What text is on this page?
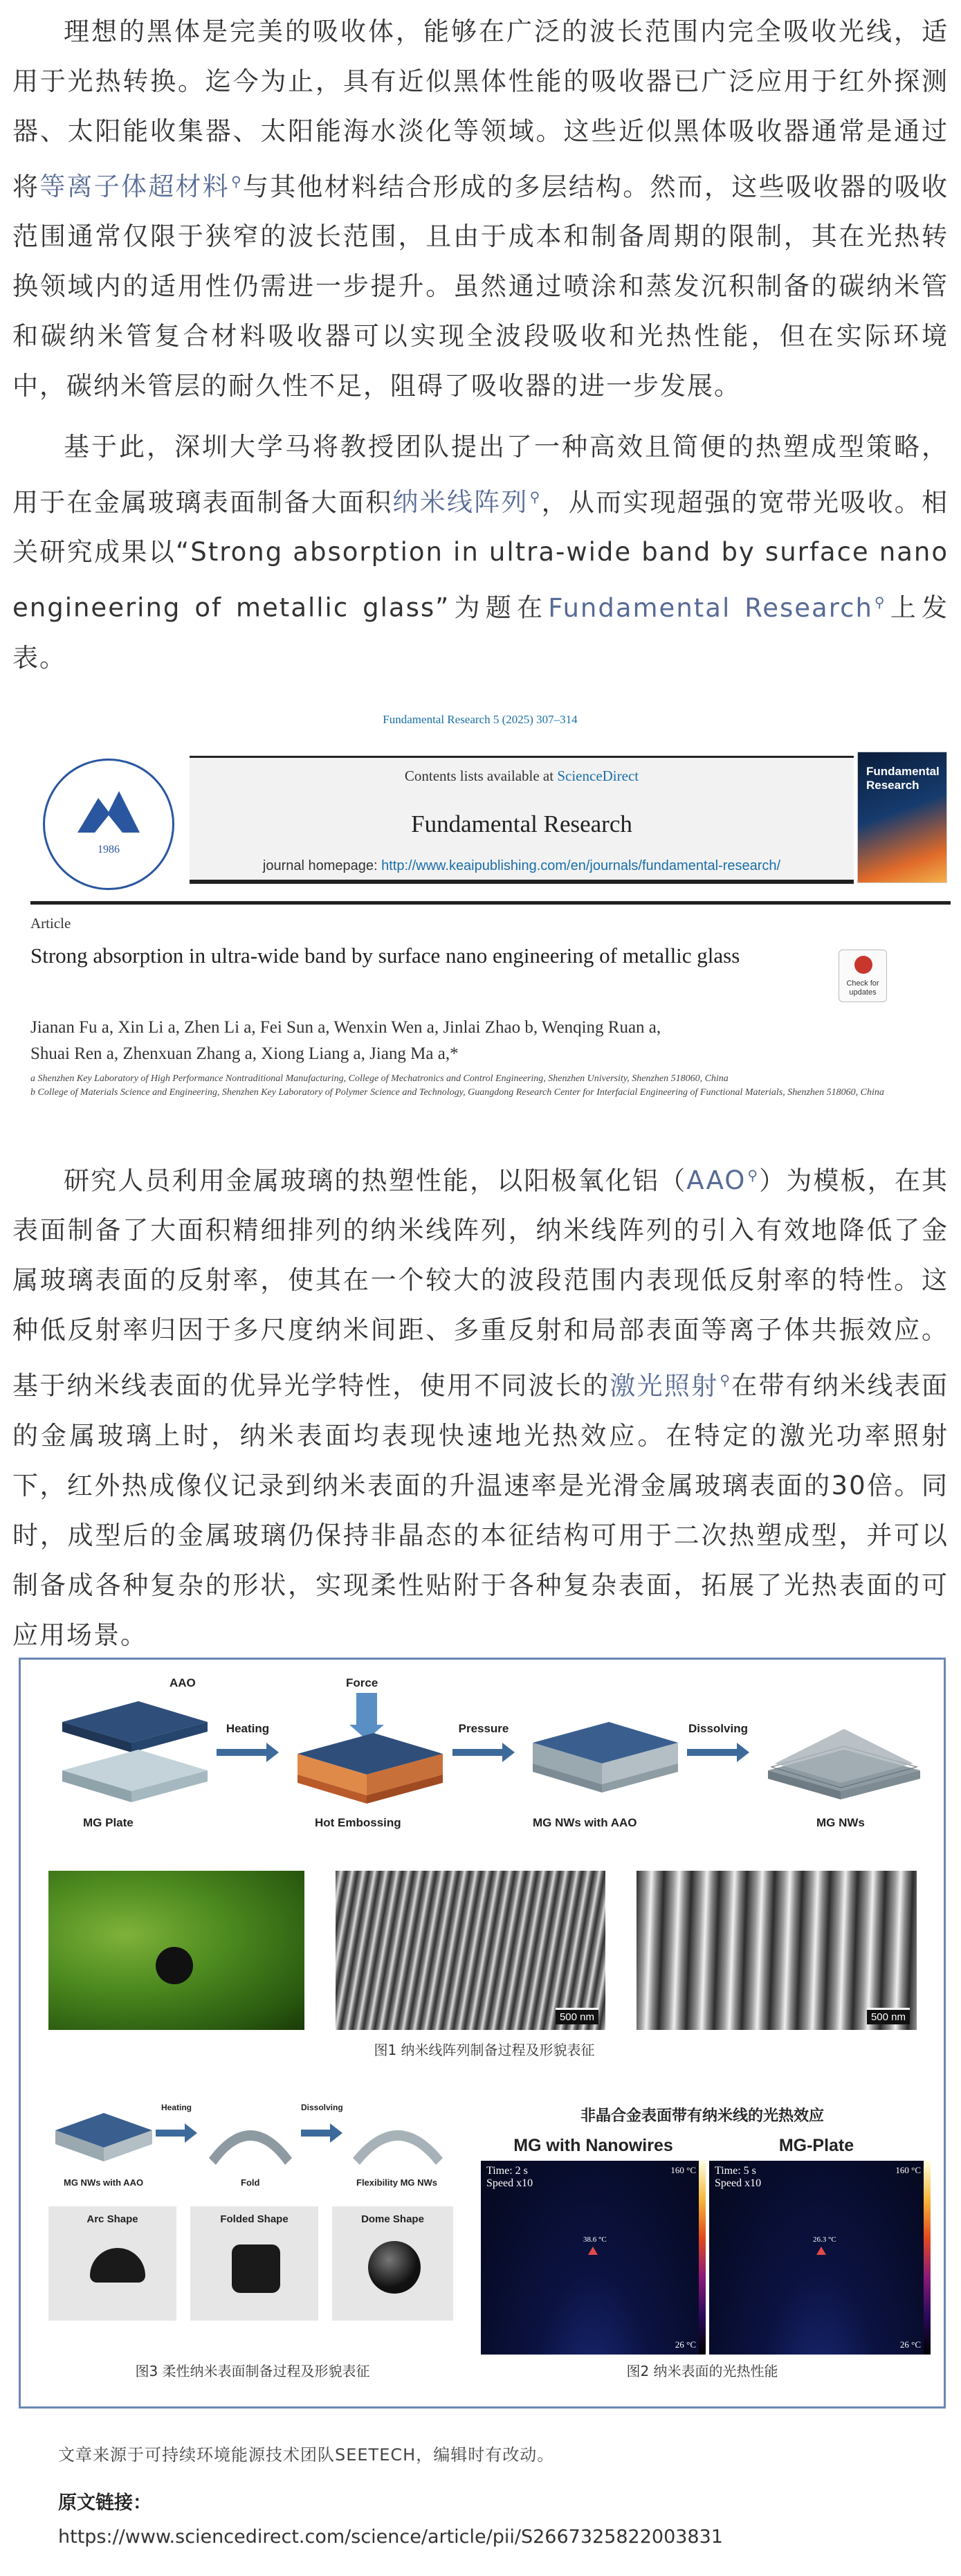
理想的黑体是完美的吸收体，能够在广泛的波长范围内完全吸收光线，适用于光热转换。迄今为止，具有近似黑体性能的吸收器已广泛应用于红外探测器、太阳能收集器、太阳能海水淡化等领域。这些近似黑体吸收器通常是通过将等离子体超材料 ⚲与其他材料结合形成的多层结构。然而，这些吸收器的吸收范围通常仅限于狭窄的波长范围，且由于成本和制备周期的限制，其在光热转换领域内的适用性仍需进一步提升。虽然通过喷涂和蒸发沉积制备的碳纳米管和碳纳米管复合材料吸收器可以实现全波段吸收和光热性能，但在实际环境中，碳纳米管层的耐久性不足，阻碍了吸收器的进一步发展。

基于此，深圳大学马将教授团队提出了一种高效且简便的热塑成型策略，用于在金属玻璃表面制备大面积纳米线阵列 ⚲，从而实现超强的宽带光吸收。相关研究成果以“Strong absorption in ultra-wide band by surface nano engineering of metallic glass”为题在Fundamental Research ⚲上发表。

Fundamental Research 5 (2025) 307–314
1986
Contents lists available at ScienceDirect
Fundamental Research
journal homepage: http://www.keaipublishing.com/en/journals/fundamental-research/
Fundamental Research
Article
Strong absorption in ultra-wide band by surface nano engineering of metallic glass
Check for updates
Jianan Fu a, Xin Li a, Zhen Li a, Fei Sun a, Wenxin Wen a, Jinlai Zhao b, Wenqing Ruan a,
Shuai Ren a, Zhenxuan Zhang a, Xiong Liang a, Jiang Ma a,*

a Shenzhen Key Laboratory of High Performance Nontraditional Manufacturing, College of Mechatronics and Control Engineering, Shenzhen University, Shenzhen 518060, China

b College of Materials Science and Engineering, Shenzhen Key Laboratory of Polymer Science and Technology, Guangdong Research Center for Interfacial Engineering of Functional Materials, Shenzhen 518060, China

研究人员利用金属玻璃的热塑性能，以阳极氧化铝（AAO ⚲）为模板，在其表面制备了大面积精细排列的纳米线阵列，纳米线阵列的引入有效地降低了金属玻璃表面的反射率，使其在一个较大的波段范围内表现低反射率的特性。这种低反射率归因于多尺度纳米间距、多重反射和局部表面等离子体共振效应。基于纳米线表面的优异光学特性，使用不同波长的激光照射 ⚲在带有纳米线表面的金属玻璃上时，纳米表面均表现快速地光热效应。在特定的激光功率照射下，红外热成像仪记录到纳米表面的升温速率是光滑金属玻璃表面的30倍。同时，成型后的金属玻璃仍保持非晶态的本征结构可用于二次热塑成型，并可以制备成各种复杂的形状，实现柔性贴附于各种复杂表面，拓展了光热表面的可应用场景。

AAO
MG Plate
Heating
Force
Hot Embossing
Pressure
MG NWs with AAO
Dissolving
MG NWs
500 nm	500 nm
图1 纳米线阵列制备过程及形貌表征
MG NWs with AAO
Heating
Fold
Dissolving
Flexibility MG NWs
Arc Shape	Folded Shape	Dome Shape
图3 柔性纳米表面制备过程及形貌表征
非晶合金表面带有纳米线的光热效应
MG with Nanowires	MG-Plate
Time: 2 s
Speed x10
160 °C
26 °C
38.6 °C
Time: 5 s
Speed x10
160 °C
26 °C
26.3 °C
图2 纳米表面的光热性能
文章来源于可持续环境能源技术团队SEETECH，编辑时有改动。
原文链接：
https://www.sciencedirect.com/science/article/pii/S2667325822003831
